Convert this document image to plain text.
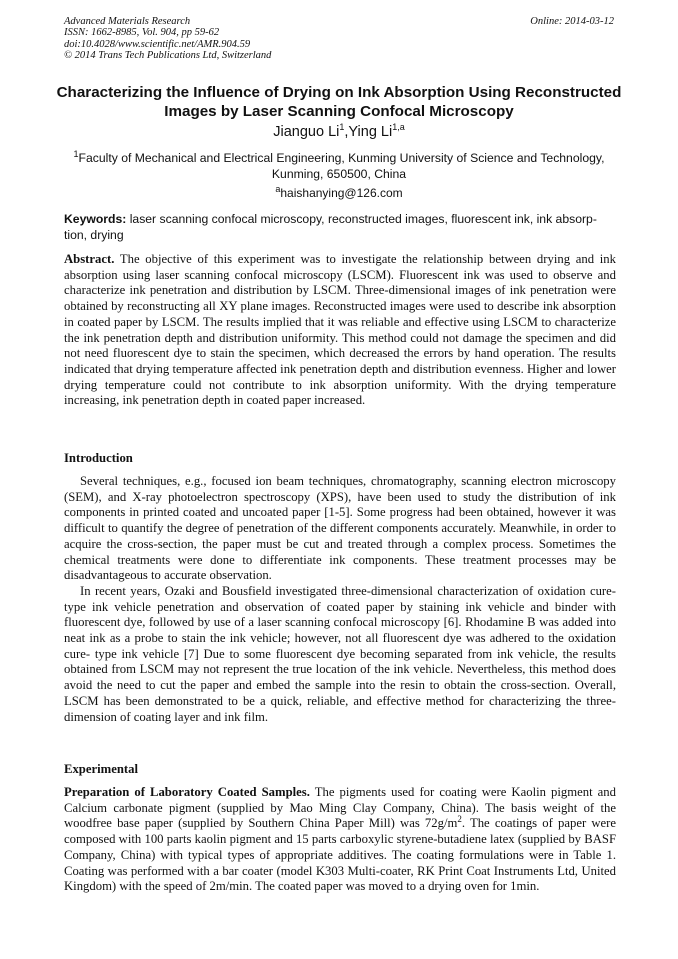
Advanced Materials Research
ISSN: 1662-8985, Vol. 904, pp 59-62
doi:10.4028/www.scientific.net/AMR.904.59
© 2014 Trans Tech Publications Ltd, Switzerland
Online: 2014-03-12
Characterizing the Influence of Drying on Ink Absorption Using Reconstructed Images by Laser Scanning Confocal Microscopy
Jianguo Li$^1$,Ying Li$^{1,a}$
$^1$Faculty of Mechanical and Electrical Engineering, Kunming University of Science and Technology, Kunming, 650500, China
$^a$haishanying@126.com
Keywords: laser scanning confocal microscopy, reconstructed images, fluorescent ink, ink absorp-tion, drying
Abstract. The objective of this experiment was to investigate the relationship between drying and ink absorption using laser scanning confocal microscopy (LSCM). Fluorescent ink was used to observe and characterize ink penetration and distribution by LSCM. Three-dimensional images of ink penetration were obtained by reconstructing all XY plane images. Reconstructed images were used to describe ink absorption in coated paper by LSCM. The results implied that it was reliable and effective using LSCM to characterize the ink penetration depth and distribution uniformity. This method could not damage the specimen and did not need fluorescent dye to stain the specimen, which decreased the errors by hand operation. The results indicated that drying temperature affected ink penetration depth and distribution evenness. Higher and lower drying temperature could not contribute to ink absorption uniformity. With the drying temperature increasing, ink penetration depth in coated paper increased.
Introduction

Several techniques, e.g., focused ion beam techniques, chromatography, scanning electron microscopy (SEM), and X-ray photoelectron spectroscopy (XPS), have been used to study the distribution of ink components in printed coated and uncoated paper [1-5]. Some progress had been obtained, however it was difficult to quantify the degree of penetration of the different components accurately. Meanwhile, in order to acquire the cross-section, the paper must be cut and treated through a complex process. Sometimes the chemical treatments were done to differentiate ink components. These treatment processes may be disadvantageous to accurate observation.

In recent years, Ozaki and Bousfield investigated three-dimensional characterization of oxidation cure- type ink vehicle penetration and observation of coated paper by staining ink vehicle and binder with fluorescent dye, followed by use of a laser scanning confocal microscopy [6]. Rhodamine B was added into neat ink as a probe to stain the ink vehicle; however, not all fluorescent dye was adhered to the oxidation cure- type ink vehicle [7] Due to some fluorescent dye becoming separated from ink vehicle, the results obtained from LSCM may not represent the true location of the ink vehicle. Nevertheless, this method does avoid the need to cut the paper and embed the sample into the resin to obtain the cross-section. Overall, LSCM has been demonstrated to be a quick, reliable, and effective method for characterizing the three-dimension of coating layer and ink film.

Experimental
Preparation of Laboratory Coated Samples. The pigments used for coating were Kaolin pigment and Calcium carbonate pigment (supplied by Mao Ming Clay Company, China). The basis weight of the woodfree base paper (supplied by Southern China Paper Mill) was $72g/m^2$. The coatings of paper were composed with 100 parts kaolin pigment and 15 parts carboxylic styrene-butadiene latex (supplied by BASF Company, China) with typical types of appropriate additives. The coating formulations were in Table 1. Coating was performed with a bar coater (model K303 Multi-coater, RK Print Coat Instruments Ltd, United Kingdom) with the speed of 2m/min. The coated paper was moved to a drying oven for 1min.
